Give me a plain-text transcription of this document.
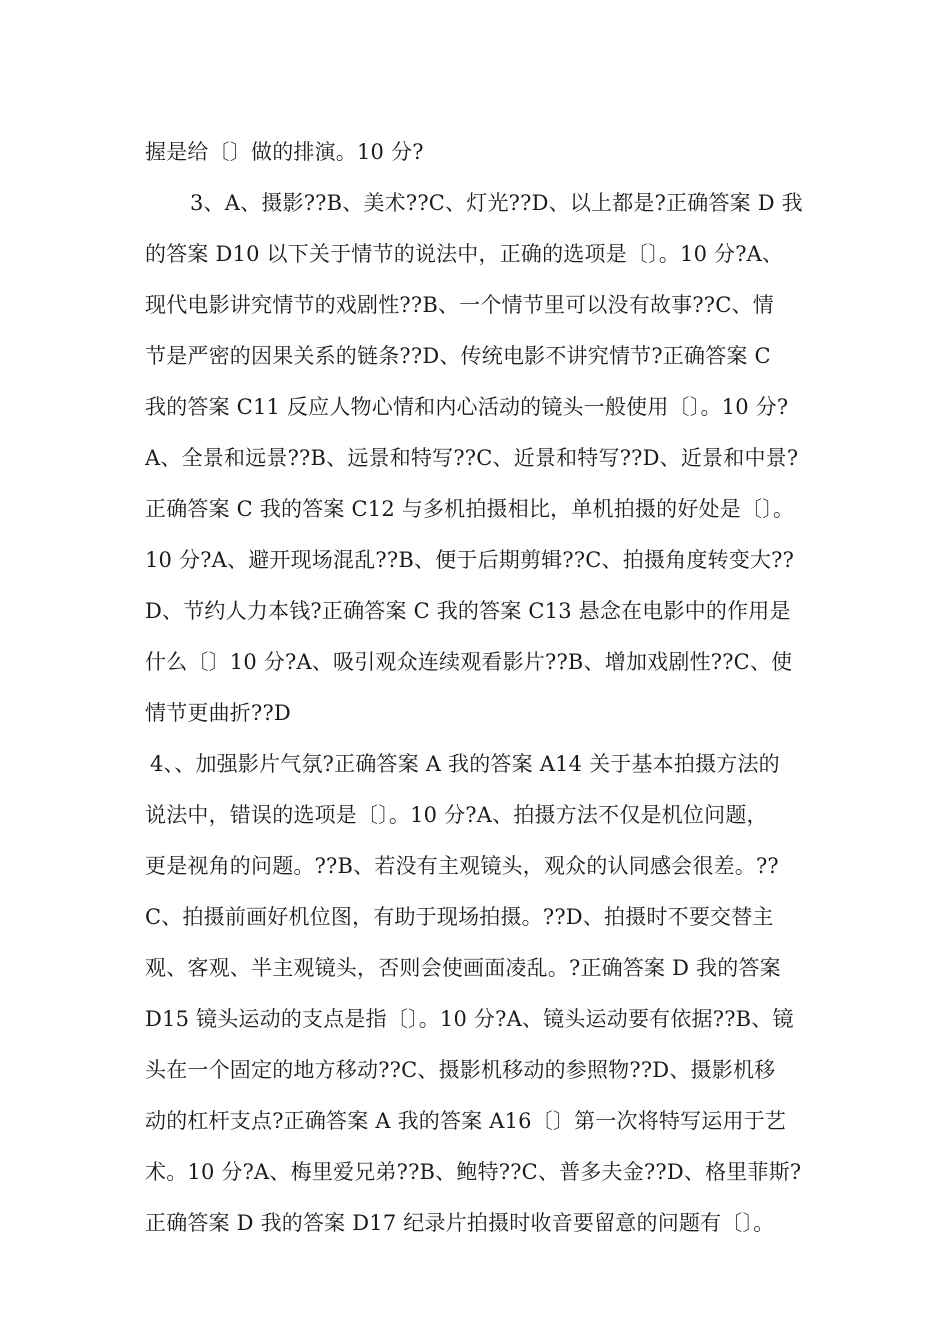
握是给〔〕做的排演。10 分?
3、A、摄影??B、美术??C、灯光??D、以上都是?正确答案 D 我
的答案 D10 以下关于情节的说法中，正确的选项是〔〕。10 分?A、
现代电影讲究情节的戏剧性??B、一个情节里可以没有故事??C、情
节是严密的因果关系的链条??D、传统电影不讲究情节?正确答案 C
我的答案 C11 反应人物心情和内心活动的镜头一般使用〔〕。10 分?
A、全景和远景??B、远景和特写??C、近景和特写??D、近景和中景?
正确答案 C 我的答案 C12 与多机拍摄相比，单机拍摄的好处是〔〕。
10 分?A、避开现场混乱??B、便于后期剪辑??C、拍摄角度转变大??
D、节约人力本钱?正确答案 C 我的答案 C13 悬念在电影中的作用是
什么〔〕10 分?A、吸引观众连续观看影片??B、增加戏剧性??C、使
情节更曲折??D
4、、加强影片气氛?正确答案 A 我的答案 A14 关于基本拍摄方法的
说法中，错误的选项是〔〕。10 分?A、拍摄方法不仅是机位问题，
更是视角的问题。??B、若没有主观镜头，观众的认同感会很差。??
C、拍摄前画好机位图，有助于现场拍摄。??D、拍摄时不要交替主
观、客观、半主观镜头，否则会使画面凌乱。?正确答案 D 我的答案
D15 镜头运动的支点是指〔〕。10 分?A、镜头运动要有依据??B、镜
头在一个固定的地方移动??C、摄影机移动的参照物??D、摄影机移
动的杠杆支点?正确答案 A 我的答案 A16〔〕第一次将特写运用于艺
术。10 分?A、梅里爱兄弟??B、鲍特??C、普多夫金??D、格里菲斯?
正确答案 D 我的答案 D17 纪录片拍摄时收音要留意的问题有〔〕。
